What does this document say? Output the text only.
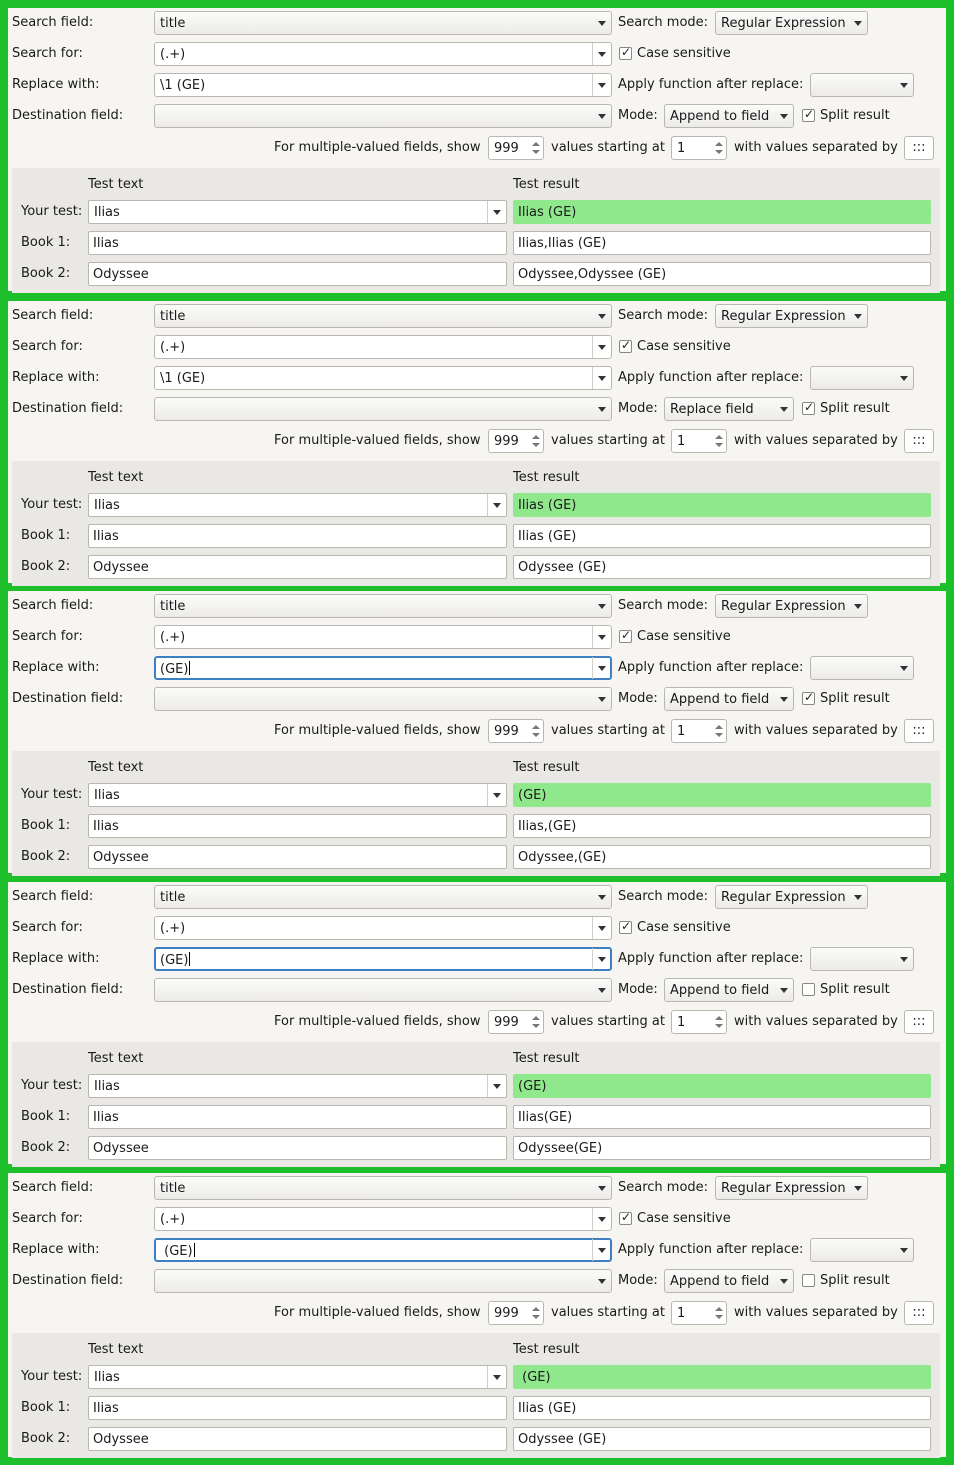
Search field:	title	Search mode: Regular Expression
Search for:	(.+) ✓	Case sensitive
Replace with:	\1 (GE)	Apply function after replace:
Destination field:	Mode: Append to field ✓	Split result
For multiple-valued fields, show 999 values starting at 1	with values separated by	:::
Test text	Test result
Your test: Ilias	Ilias (GE)
Book 1: Ilias	Ilias,Ilias (GE)
Book 2: Odyssee	Odyssee,Odyssee (GE)
Search field:	title	Search mode: Regular Expression
Search for:	(.+) ✓	Case sensitive
Replace with:	\1 (GE)	Apply function after replace:
Destination field:	Mode: Replace field ✓	Split result
For multiple-valued fields, show 999 values starting at 1	with values separated by	:::
Test text	Test result
Your test: Ilias	Ilias (GE)
Book 1: Ilias	Ilias (GE)
Book 2: Odyssee	Odyssee (GE)
Search field:	title	Search mode: Regular Expression
Search for:	(.+) ✓	Case sensitive
Replace with:	(GE)	Apply function after replace:
Destination field:	Mode: Append to field ✓	Split result
For multiple-valued fields, show 999 values starting at 1	with values separated by	:::
Test text	Test result
Your test: Ilias	(GE)
Book 1: Ilias	Ilias,(GE)
Book 2: Odyssee	Odyssee,(GE)
Search field:	title	Search mode: Regular Expression
Search for:	(.+) ✓	Case sensitive
Replace with:	(GE)	Apply function after replace:
Destination field:	Mode: Append to field	Split result
For multiple-valued fields, show 999 values starting at 1	with values separated by	:::
Test text	Test result
Your test: Ilias	(GE)
Book 1: Ilias	Ilias(GE)
Book 2: Odyssee	Odyssee(GE)
Search field:	title	Search mode: Regular Expression
Search for:	(.+) ✓	Case sensitive
Replace with:	(GE)	Apply function after replace:
Destination field:	Mode: Append to field	Split result
For multiple-valued fields, show 999 values starting at 1	with values separated by	:::
Test text	Test result
Your test: Ilias	(GE)
Book 1: Ilias	Ilias (GE)
Book 2: Odyssee	Odyssee (GE)
